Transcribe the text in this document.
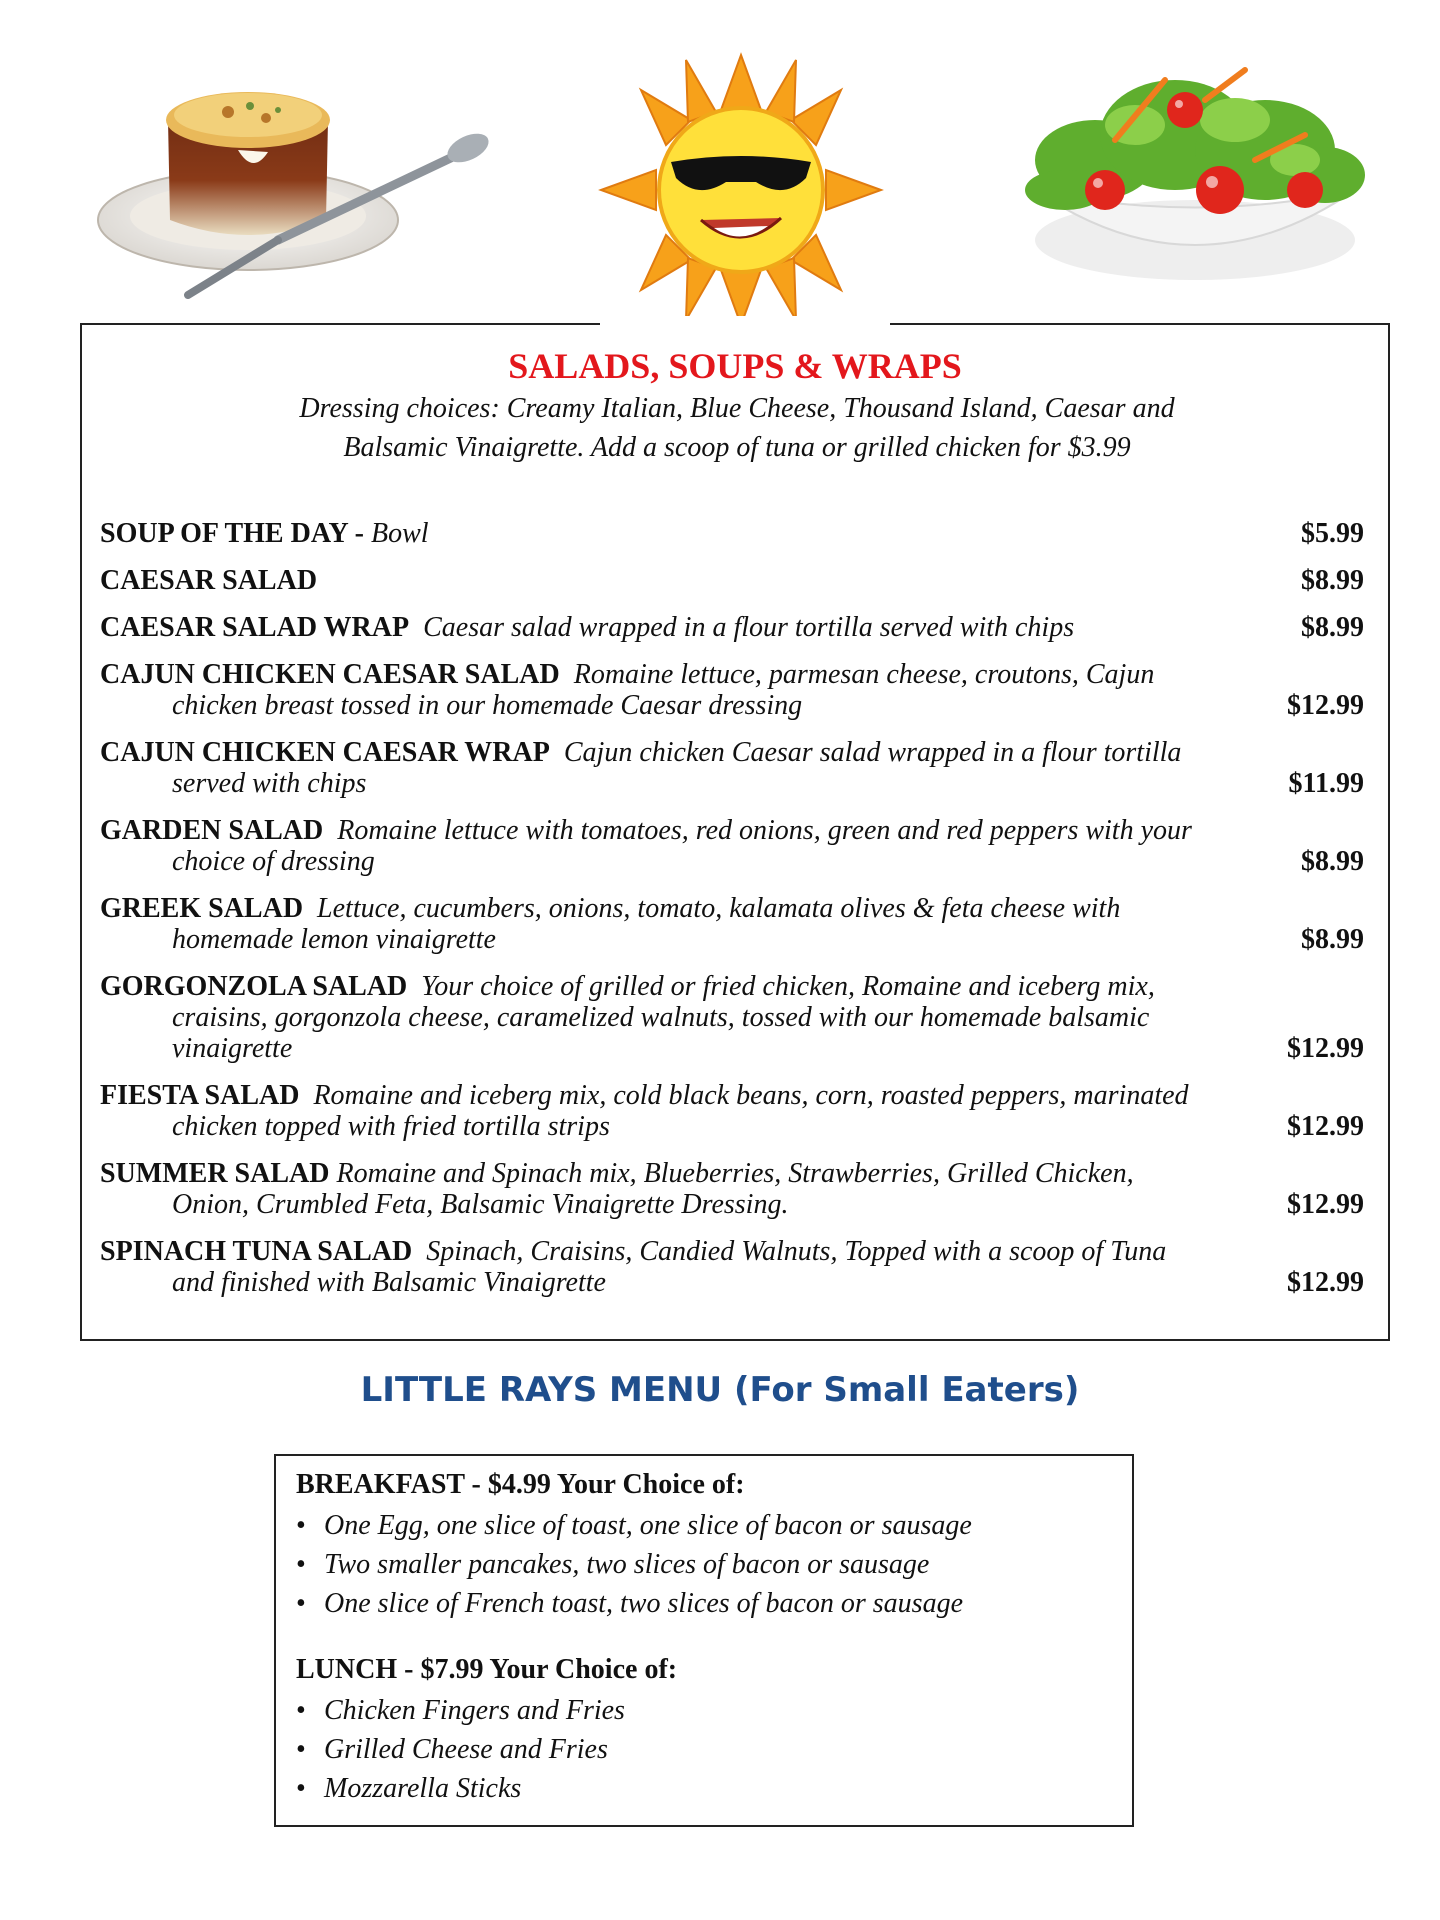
SALADS, SOUPS & WRAPS

Dressing choices: Creamy Italian, Blue Cheese, Thousand Island, Caesar and
Balsamic Vinaigrette. Add a scoop of tuna or grilled chicken for $3.99

SOUP OF THE DAY - Bowl	$5.99
CAESAR SALAD	$8.99
CAESAR SALAD WRAP Caesar salad wrapped in a flour tortilla served with chips	$8.99
CAJUN CHICKEN CAESAR SALAD Romaine lettuce, parmesan cheese, croutons, Cajun
chicken breast tossed in our homemade Caesar dressing	$12.99
CAJUN CHICKEN CAESAR WRAP Cajun chicken Caesar salad wrapped in a flour tortilla
served with chips	$11.99
GARDEN SALAD Romaine lettuce with tomatoes, red onions, green and red peppers with your
choice of dressing	$8.99
GREEK SALAD Lettuce, cucumbers, onions, tomato, kalamata olives & feta cheese with
homemade lemon vinaigrette	$8.99
GORGONZOLA SALAD Your choice of grilled or fried chicken, Romaine and iceberg mix,
craisins, gorgonzola cheese, caramelized walnuts, tossed with our homemade balsamic
vinaigrette	$12.99
FIESTA SALAD Romaine and iceberg mix, cold black beans, corn, roasted peppers, marinated
chicken topped with fried tortilla strips	$12.99
SUMMER SALAD Romaine and Spinach mix, Blueberries, Strawberries, Grilled Chicken,
Onion, Crumbled Feta, Balsamic Vinaigrette Dressing.	$12.99
SPINACH TUNA SALAD Spinach, Craisins, Candied Walnuts, Topped with a scoop of Tuna
and finished with Balsamic Vinaigrette	$12.99
LITTLE RAYS MENU (For Small Eaters)

BREAKFAST - $4.99 Your Choice of:

• One Egg, one slice of toast, one slice of bacon or sausage
• Two smaller pancakes, two slices of bacon or sausage
• One slice of French toast, two slices of bacon or sausage

LUNCH - $7.99 Your Choice of:

• Chicken Fingers and Fries
• Grilled Cheese and Fries
• Mozzarella Sticks
